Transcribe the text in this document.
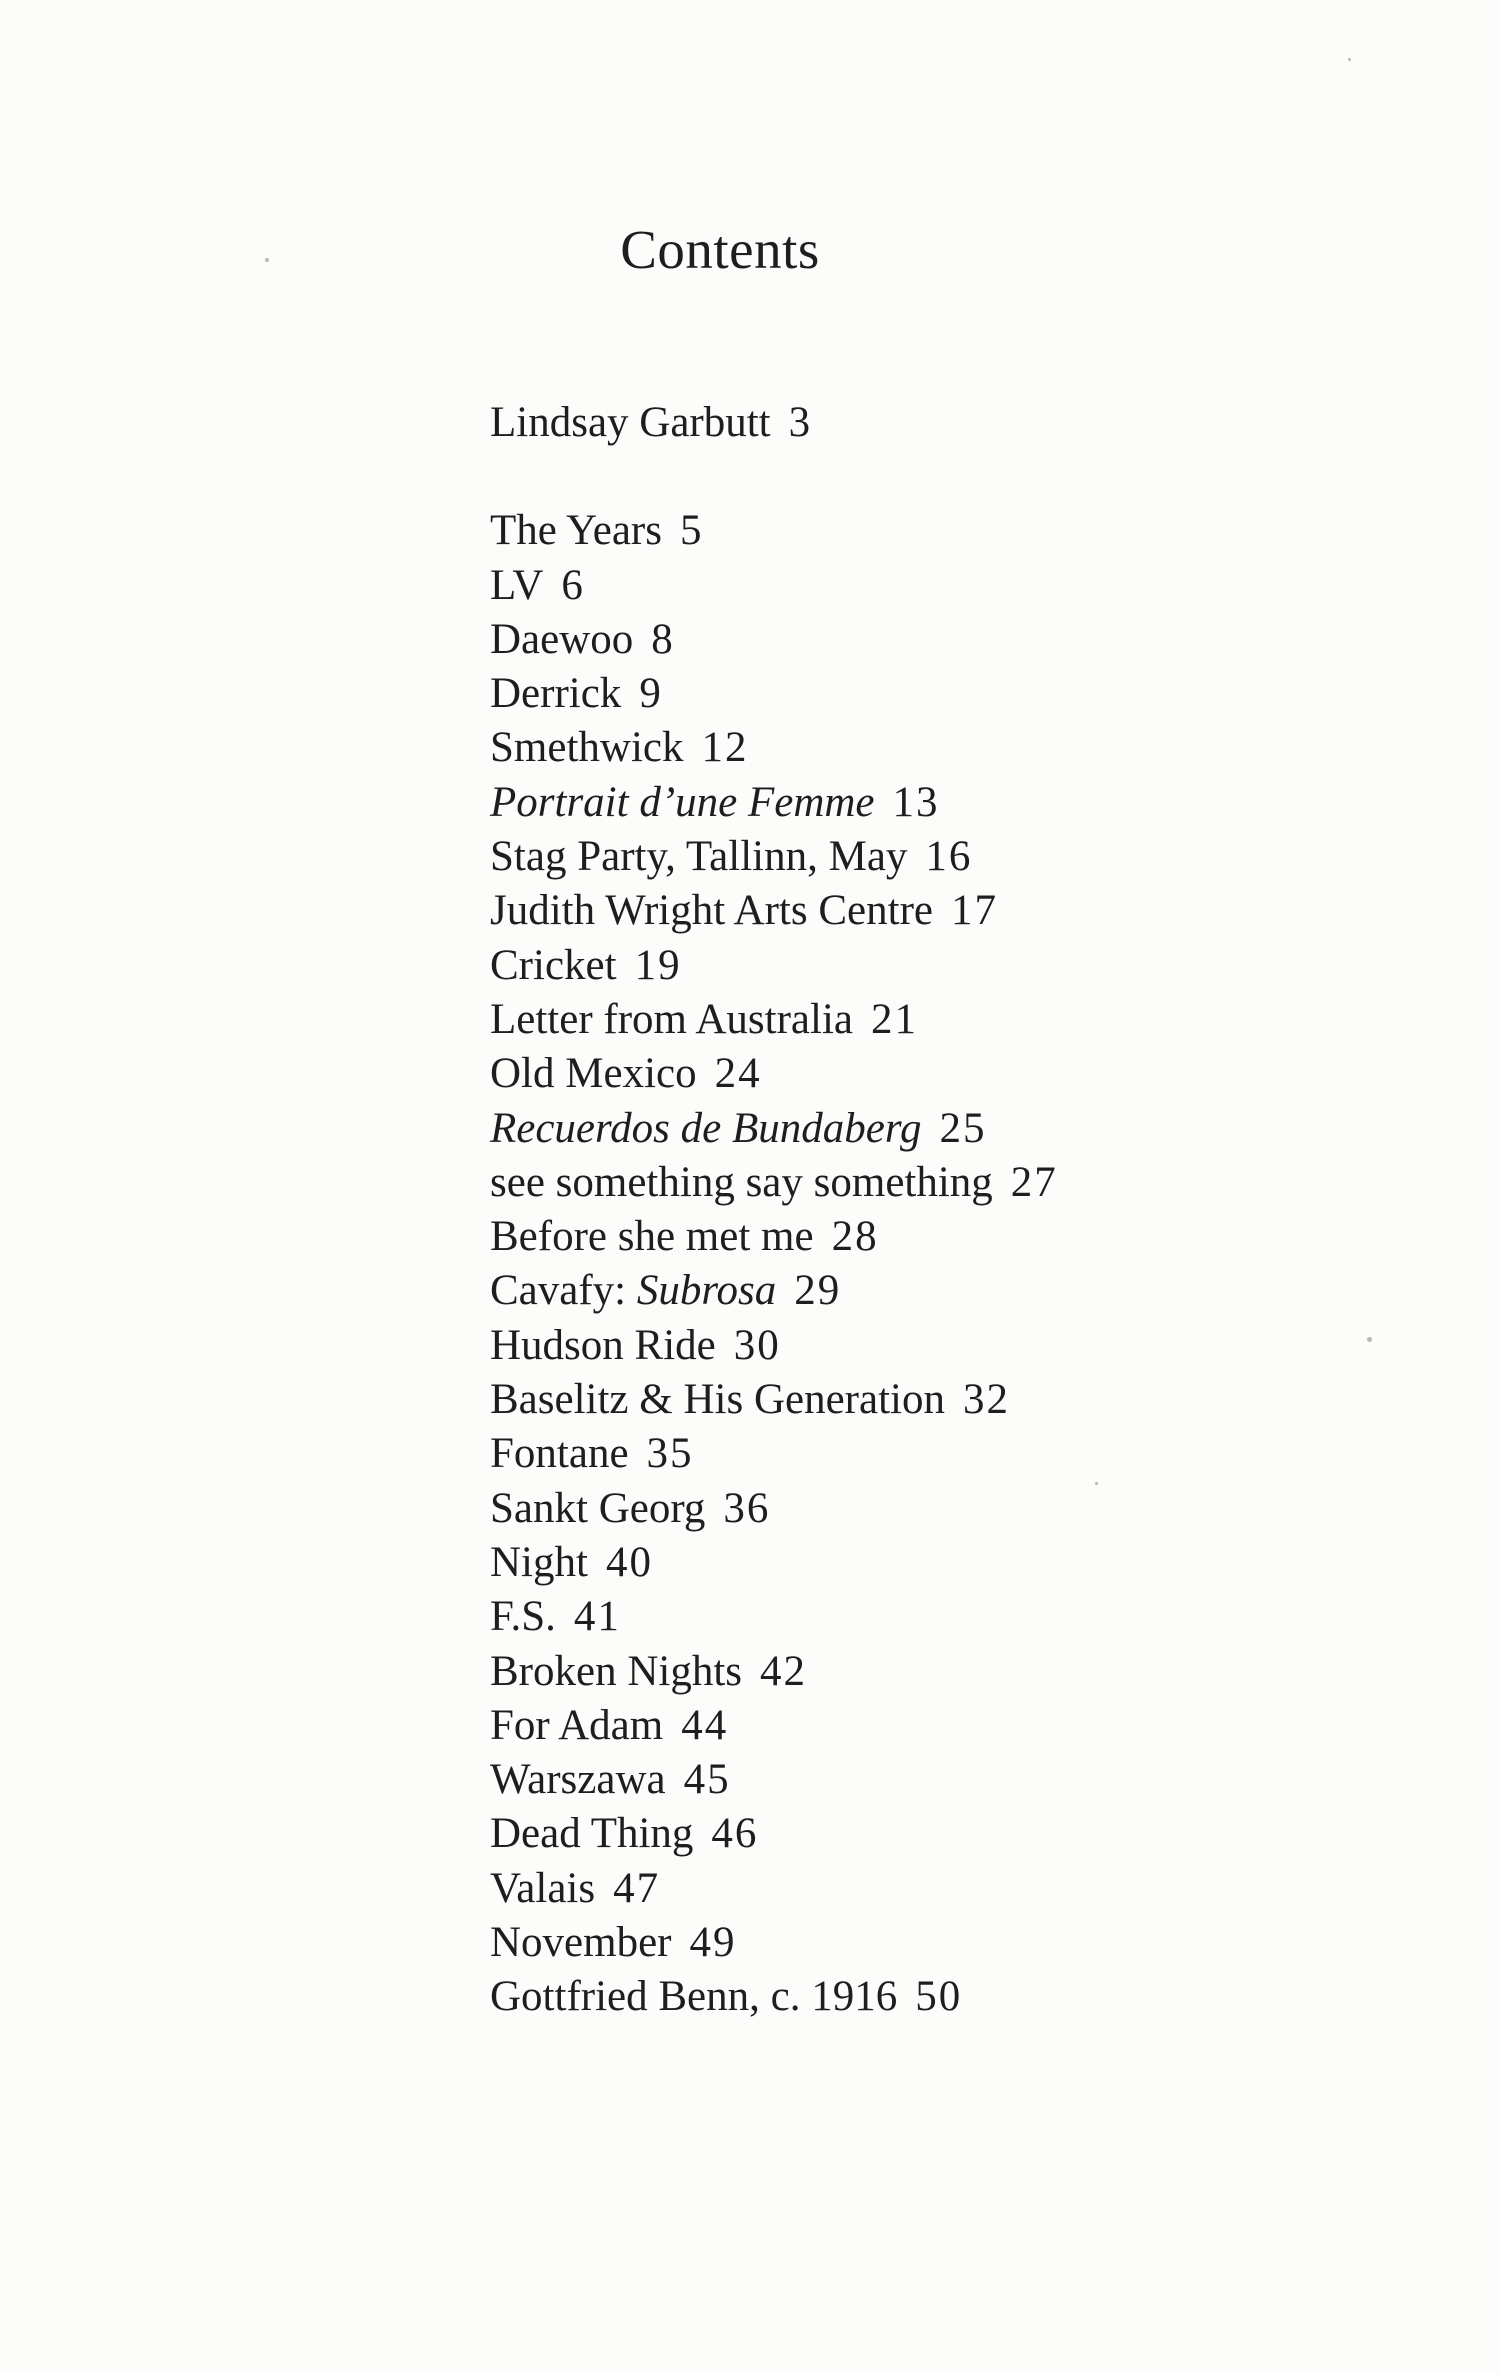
Contents
Lindsay Garbutt 3
The Years 5
LV 6
Daewoo 8
Derrick 9
Smethwick 12
Portrait d’une Femme 13
Stag Party, Tallinn, May 16
Judith Wright Arts Centre 17
Cricket 19
Letter from Australia 21
Old Mexico 24
Recuerdos de Bundaberg 25
see something say something 27
Before she met me 28
Cavafy: Subrosa 29
Hudson Ride 30
Baselitz & His Generation 32
Fontane 35
Sankt Georg 36
Night 40
F.S. 41
Broken Nights 42
For Adam 44
Warszawa 45
Dead Thing 46
Valais 47
November 49
Gottfried Benn, c. 1916 50
